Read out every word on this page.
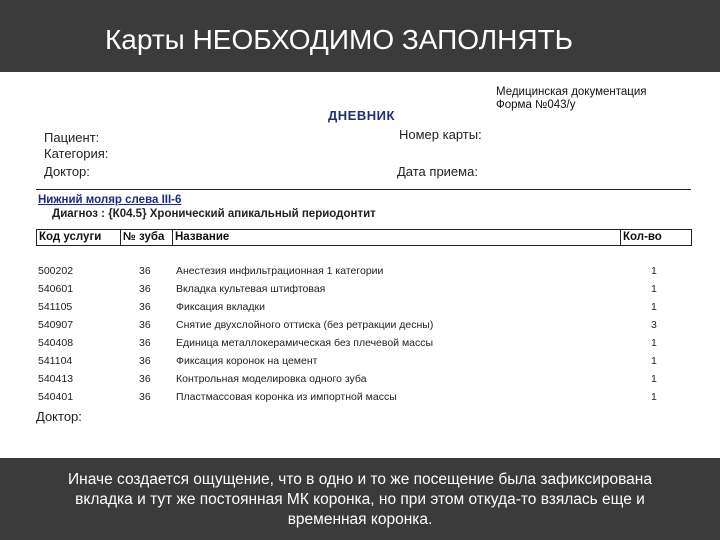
Карты НЕОБХОДИМО ЗАПОЛНЯТЬ
Медицинская документация
Форма №043/у
ДНЕВНИК
Пациент:
Категория:
Доктор:
Номер карты:
Дата приема:
Нижний моляр слева III-6
Диагноз : {К04.5} Хронический апикальный периодонтит
Код услуги	№ зуба Название	Кол-во
500202	36 Анестезия инфильтрационная 1 категории	1
540601	36 Вкладка культевая штифтовая	1
541105	36 Фиксация вкладки	1
540907	36 Снятие двухслойного оттиска (без ретракции десны)	3
540408	36 Единица металлокерамическая без плечевой массы	1
541104	36 Фиксация коронок на цемент	1
540413	36 Контрольная моделировка одного зуба	1
540401	36 Пластмассовая коронка из импортной массы	1
Доктор:
Иначе создается ощущение, что в одно и то же посещение была зафиксирована вкладка и тут же постоянная МК коронка, но при этом откуда-то взялась еще и временная коронка.
